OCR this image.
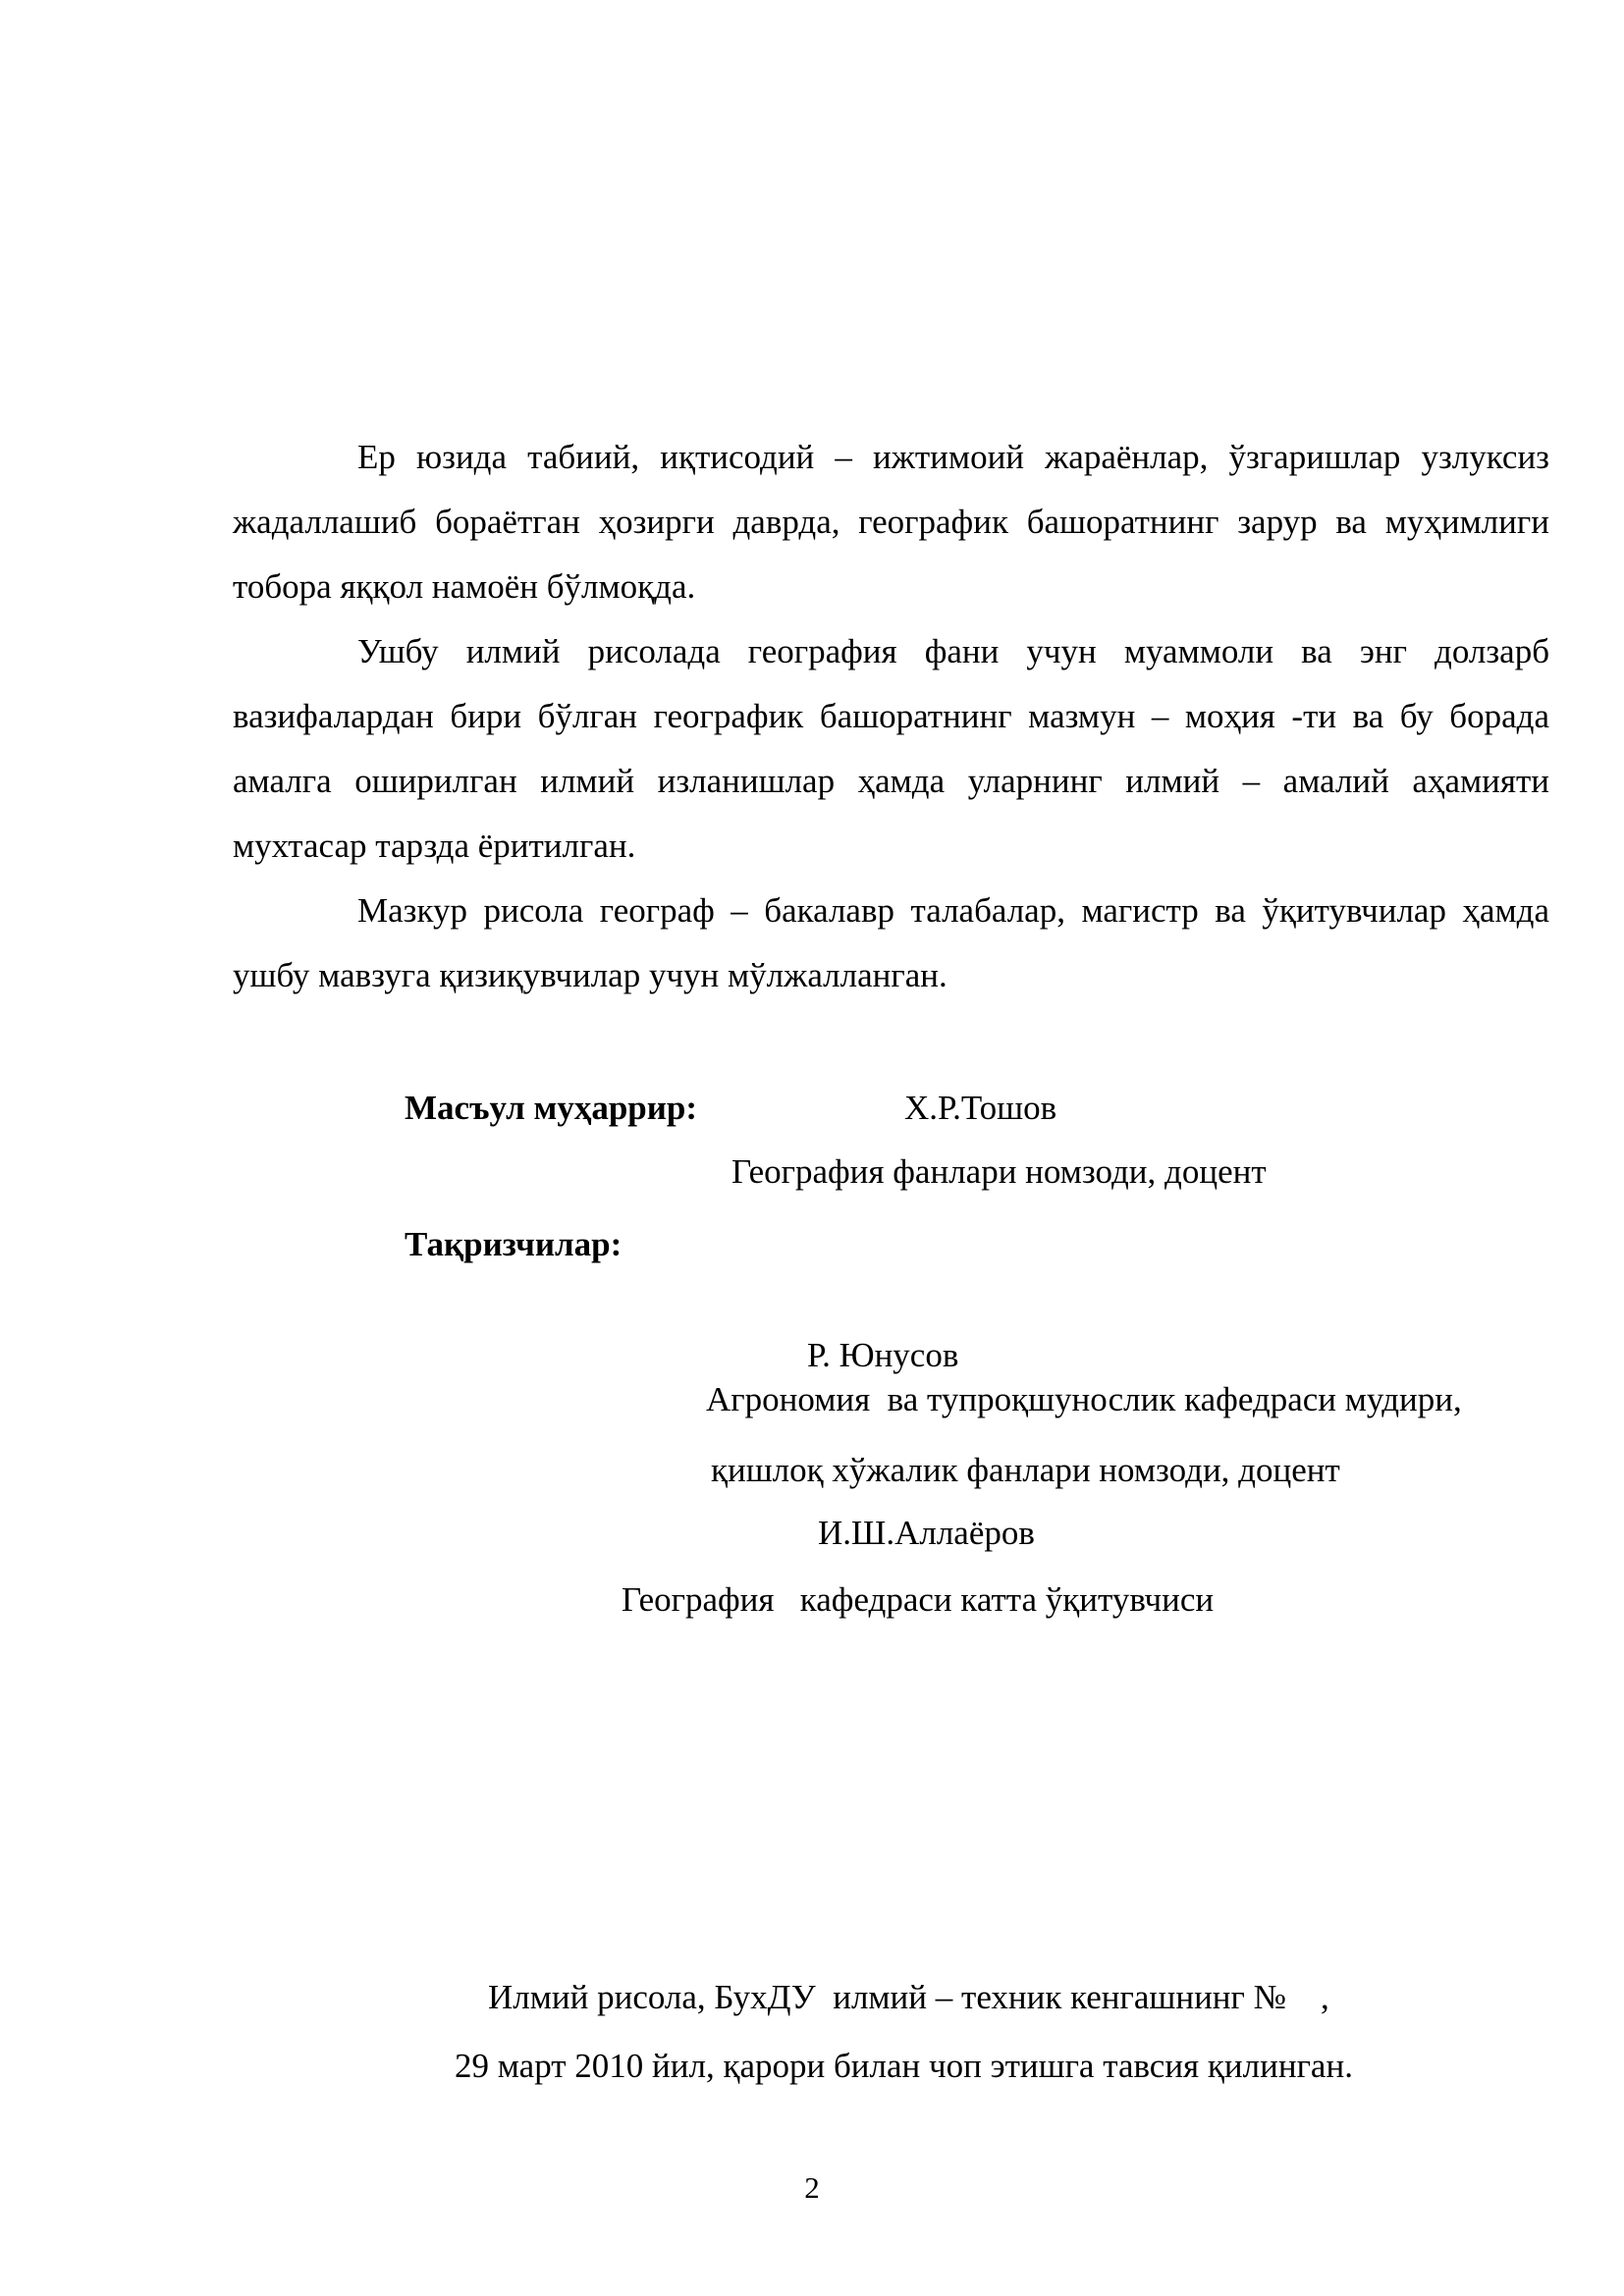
Ер юзида табиий, иқтисодий – ижтимоий жараёнлар, ўзгаришлар узлуксиз жадаллашиб бораётган ҳозирги даврда, географик башоратнинг зарур ва муҳимлиги тобора яққол намоён бўлмоқда.

Ушбу илмий рисолада география фани учун муаммоли ва энг долзарб вазифалардан бири бўлган географик башоратнинг мазмун – моҳия -ти ва бу борада амалга оширилган илмий изланишлар ҳамда уларнинг илмий – амалий аҳамияти мухтасар тарзда ёритилган.

Мазкур рисола географ – бакалавр талабалар, магистр ва ўқитувчилар ҳамда ушбу мавзуга қизиқувчилар учун мўлжалланган.

Масъул муҳаррир:	Х.Р.Тошов
География фанлари номзоди, доцент
Тақризчилар:
Р. Юнусов
Агрономия  ва тупроқшунослик кафедраси мудири,
қишлоқ хўжалик фанлари номзоди, доцент
И.Ш.Аллаёров
География   кафедраси катта ўқитувчиси
Илмий рисола, БухДУ  илмий – техник кенгашнинг №    ,
29 март 2010 йил, қарори билан чоп этишга тавсия қилинган.
2
